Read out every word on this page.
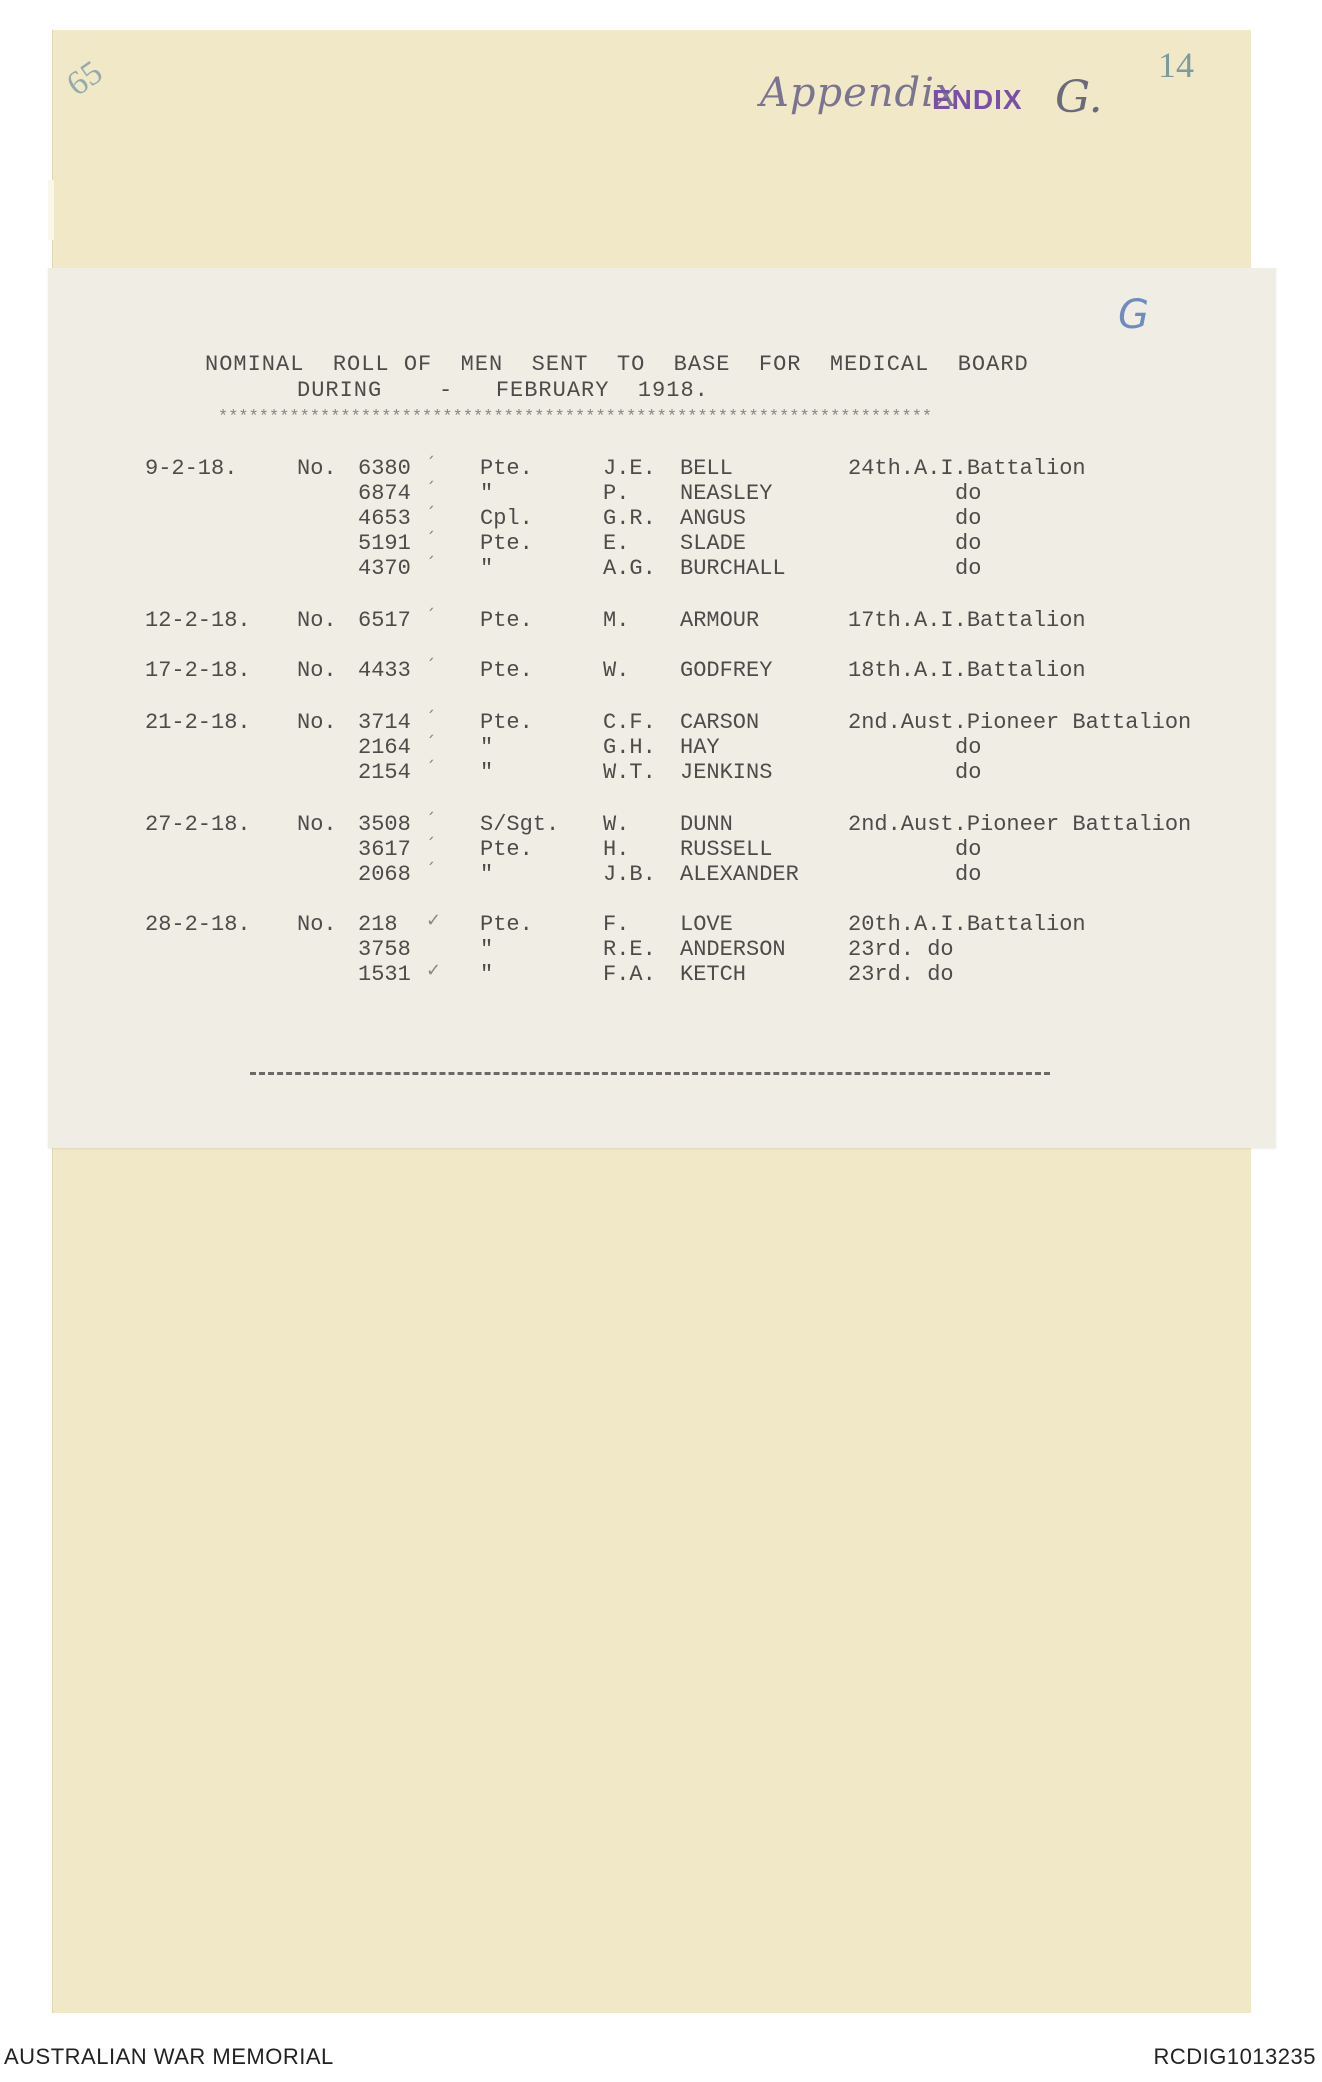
65	14
Appendix
ENDIX G.
G
NOMINAL  ROLL OF  MEN  SENT  TO  BASE  FOR  MEDICAL  BOARD
DURING    -   FEBRUARY  1918.
**********************************************************************
9-2-18.	No. 6380	Pte.	J.E. BELL	24th.A.I.Battalion
ˊ
6874	"	P. NEASLEY	do
ˊ
4653	Cpl.	G.R. ANGUS	do
ˊ
5191	Pte.	E. SLADE	do
ˊ
4370	"	A.G. BURCHALL	do
ˊ
12-2-18. No. 6517	Pte.	M. ARMOUR	17th.A.I.Battalion
ˊ
17-2-18. No. 4433	Pte.	W. GODFREY	18th.A.I.Battalion
ˊ
21-2-18. No. 3714	Pte.	C.F. CARSON	2nd.Aust.Pioneer Battalion
ˊ
2164	"	G.H. HAY	do
ˊ
2154	"	W.T. JENKINS	do
ˊ
27-2-18. No. 3508	S/Sgt. W. DUNN	2nd.Aust.Pioneer Battalion
ˊ
3617	Pte.	H. RUSSELL	do
ˊ
2068	"	J.B. ALEXANDER	do
ˊ
28-2-18. No. 218	Pte.	F. LOVE	20th.A.I.Battalion
✓
3758	"	R.E. ANDERSON	23rd. do
1531	"	F.A. KETCH	23rd. do
✓
AUSTRALIAN WAR MEMORIAL	RCDIG1013235
